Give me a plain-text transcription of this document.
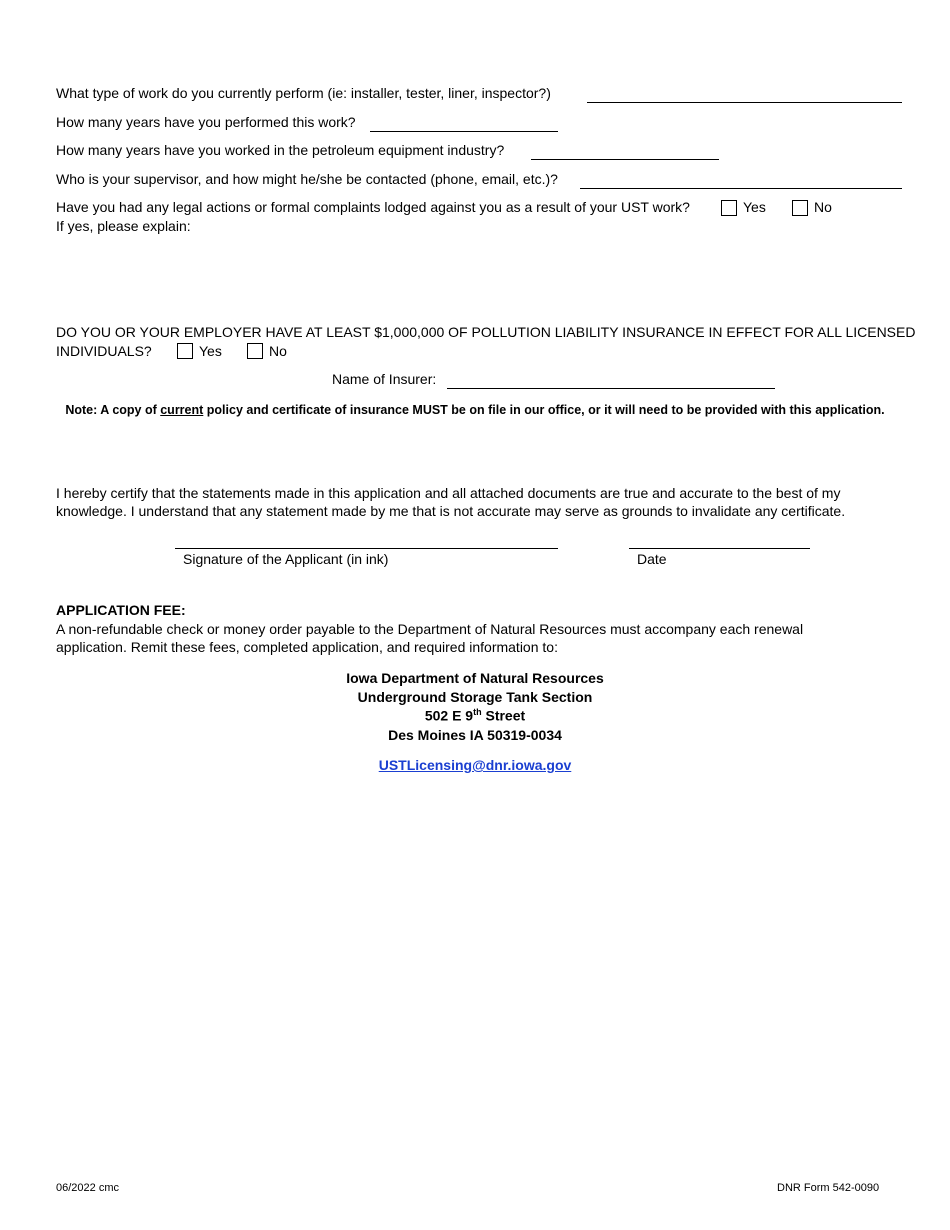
What type of work do you currently perform (ie: installer, tester, liner, inspector?)
How many years have you performed this work?
How many years have you worked in the petroleum equipment industry?
Who is your supervisor, and how might he/she be contacted (phone, email, etc.)?
Have you had any legal actions or formal complaints lodged against you as a result of your UST work?	Yes	No
If yes, please explain:
DO YOU OR YOUR EMPLOYER HAVE AT LEAST $1,000,000 OF POLLUTION LIABILITY INSURANCE IN EFFECT FOR ALL LICENSED
INDIVIDUALS?	Yes	No
Name of Insurer:
Note: A copy of current policy and certificate of insurance MUST be on file in our office, or it will need to be provided with this application.
I hereby certify that the statements made in this application and all attached documents are true and accurate to the best of my
knowledge. I understand that any statement made by me that is not accurate may serve as grounds to invalidate any certificate.
Signature of the Applicant (in ink)	Date
APPLICATION FEE:
A non-refundable check or money order payable to the Department of Natural Resources must accompany each renewal
application. Remit these fees, completed application, and required information to:
Iowa Department of Natural Resources
Underground Storage Tank Section
502 E 9th Street
Des Moines IA 50319-0034
USTLicensing@dnr.iowa.gov
06/2022 cmc	DNR Form 542-0090
